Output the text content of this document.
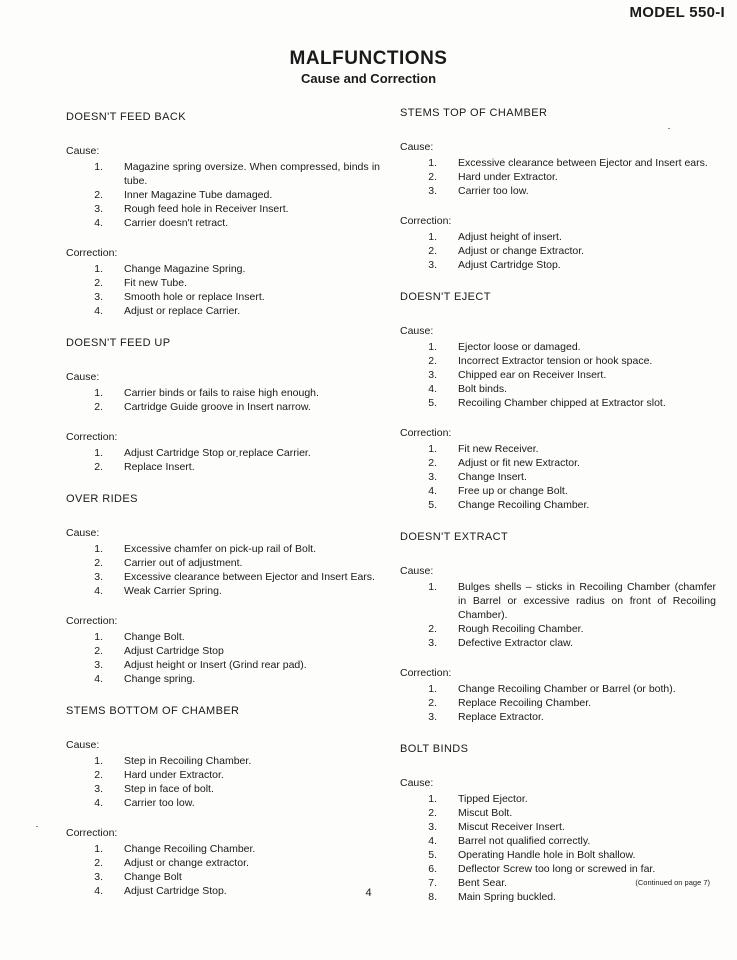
MODEL 550-I
MALFUNCTIONS
Cause and Correction
DOESN'T FEED BACK
Cause:
1.	Magazine spring oversize. When compressed, binds in tube.
2.	Inner Magazine Tube damaged.
3.	Rough feed hole in Receiver Insert.
4.	Carrier doesn't retract.
Correction:
1.	Change Magazine Spring.
2.	Fit new Tube.
3.	Smooth hole or replace Insert.
4.	Adjust or replace Carrier.
DOESN'T FEED UP
Cause:
1.	Carrier binds or fails to raise high enough.
2.	Cartridge Guide groove in Insert narrow.
Correction:
1.	Adjust Cartridge Stop or replace Carrier.
2.	Replace Insert.
OVER RIDES
Cause:
1.	Excessive chamfer on pick-up rail of Bolt.
2.	Carrier out of adjustment.
3.	Excessive clearance between Ejector and Insert Ears.
4.	Weak Carrier Spring.
Correction:
1.	Change Bolt.
2.	Adjust Cartridge Stop
3.	Adjust height or Insert (Grind rear pad).
4.	Change spring.
STEMS BOTTOM OF CHAMBER
Cause:
1.	Step in Recoiling Chamber.
2.	Hard under Extractor.
3.	Step in face of bolt.
4.	Carrier too low.
Correction:
1.	Change Recoiling Chamber.
2.	Adjust or change extractor.
3.	Change Bolt
4.	Adjust Cartridge Stop.
STEMS TOP OF CHAMBER
Cause:
1.	Excessive clearance between Ejector and Insert ears.
2.	Hard under Extractor.
3.	Carrier too low.
Correction:
1.	Adjust height of insert.
2.	Adjust or change Extractor.
3.	Adjust Cartridge Stop.
DOESN'T EJECT
Cause:
1.	Ejector loose or damaged.
2.	Incorrect Extractor tension or hook space.
3.	Chipped ear on Receiver Insert.
4.	Bolt binds.
5.	Recoiling Chamber chipped at Extractor slot.
Correction:
1.	Fit new Receiver.
2.	Adjust or fit new Extractor.
3.	Change Insert.
4.	Free up or change Bolt.
5.	Change Recoiling Chamber.
DOESN'T EXTRACT
Cause:
1.	Bulges shells – sticks in Recoiling Chamber (chamfer in Barrel or excessive radius on front of Recoiling Chamber).
2.	Rough Recoiling Chamber.
3.	Defective Extractor claw.
Correction:
1.	Change Recoiling Chamber or Barrel (or both).
2.	Replace Recoiling Chamber.
3.	Replace Extractor.
BOLT BINDS
Cause:
1.	Tipped Ejector.
2.	Miscut Bolt.
3.	Miscut Receiver Insert.
4.	Barrel not qualified correctly.
5.	Operating Handle hole in Bolt shallow.
6.	Deflector Screw too long or screwed in far.
7.	Bent Sear.
8.	Main Spring buckled.
(Continued on page 7)
4
